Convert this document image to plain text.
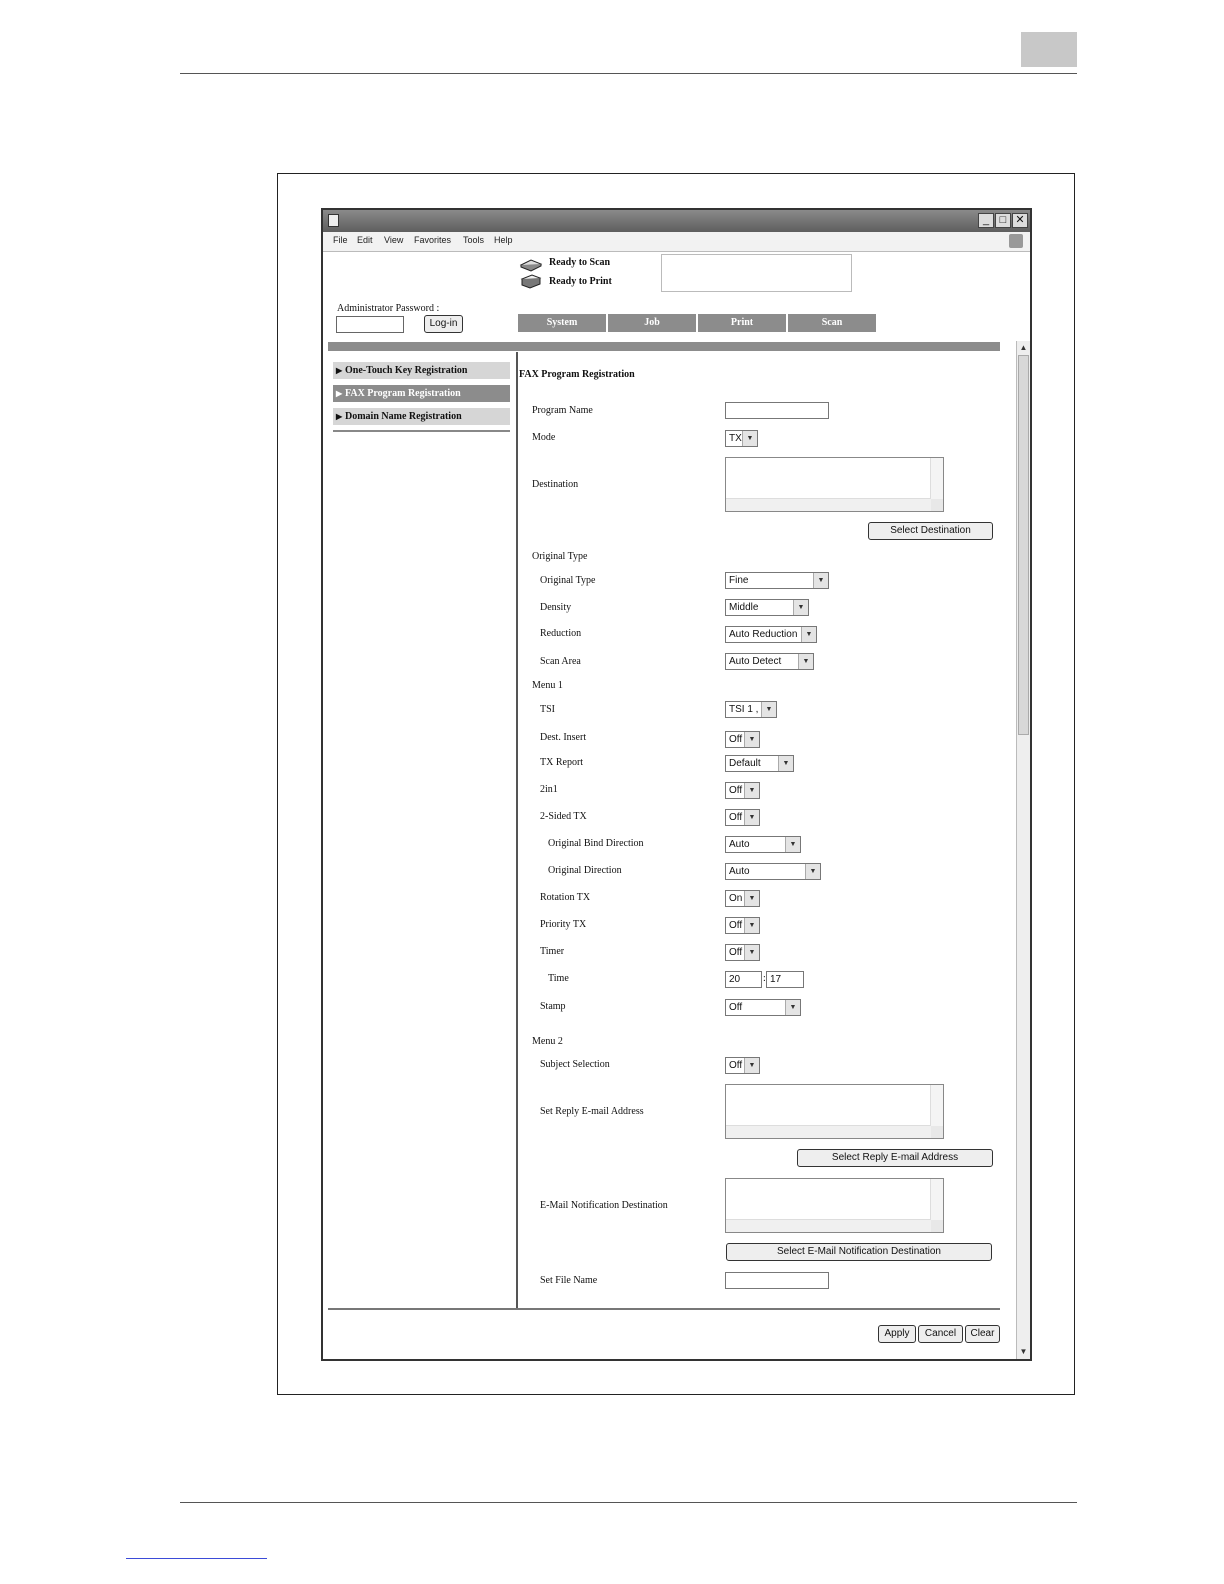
_ □ ✕
File Edit View Favorites Tools Help
Ready to Scan
Ready to Print
Administrator Password :
Log-in	System	Job	Print	Scan
▶ One-Touch Key Registration
▶ FAX Program Registration
▶ Domain Name Registration
FAX Program Registration
Program Name
Mode	TX ▼
Destination
Select Destination
Original Type
Original Type	Fine	▼
Density	Middle	▼
Reduction	Auto Reduction	▼
Scan Area	Auto Detect	▼
Menu 1
TSI	TSI 1 ,	▼
Dest. Insert	Off ▼
TX Report	Default	▼
2in1	Off ▼
2-Sided TX	Off ▼
Original Bind Direction	Auto	▼
Original Direction	Auto	▼
Rotation TX	On ▼
Priority TX	Off ▼
Timer	Off ▼
Time	20	: 17
Stamp	Off	▼
Menu 2
Subject Selection	Off ▼
Set Reply E-mail Address
Select Reply E-mail Address
E-Mail Notification Destination
Select E-Mail Notification Destination
Set File Name
Apply	Cancel	Clear
▲
▼
